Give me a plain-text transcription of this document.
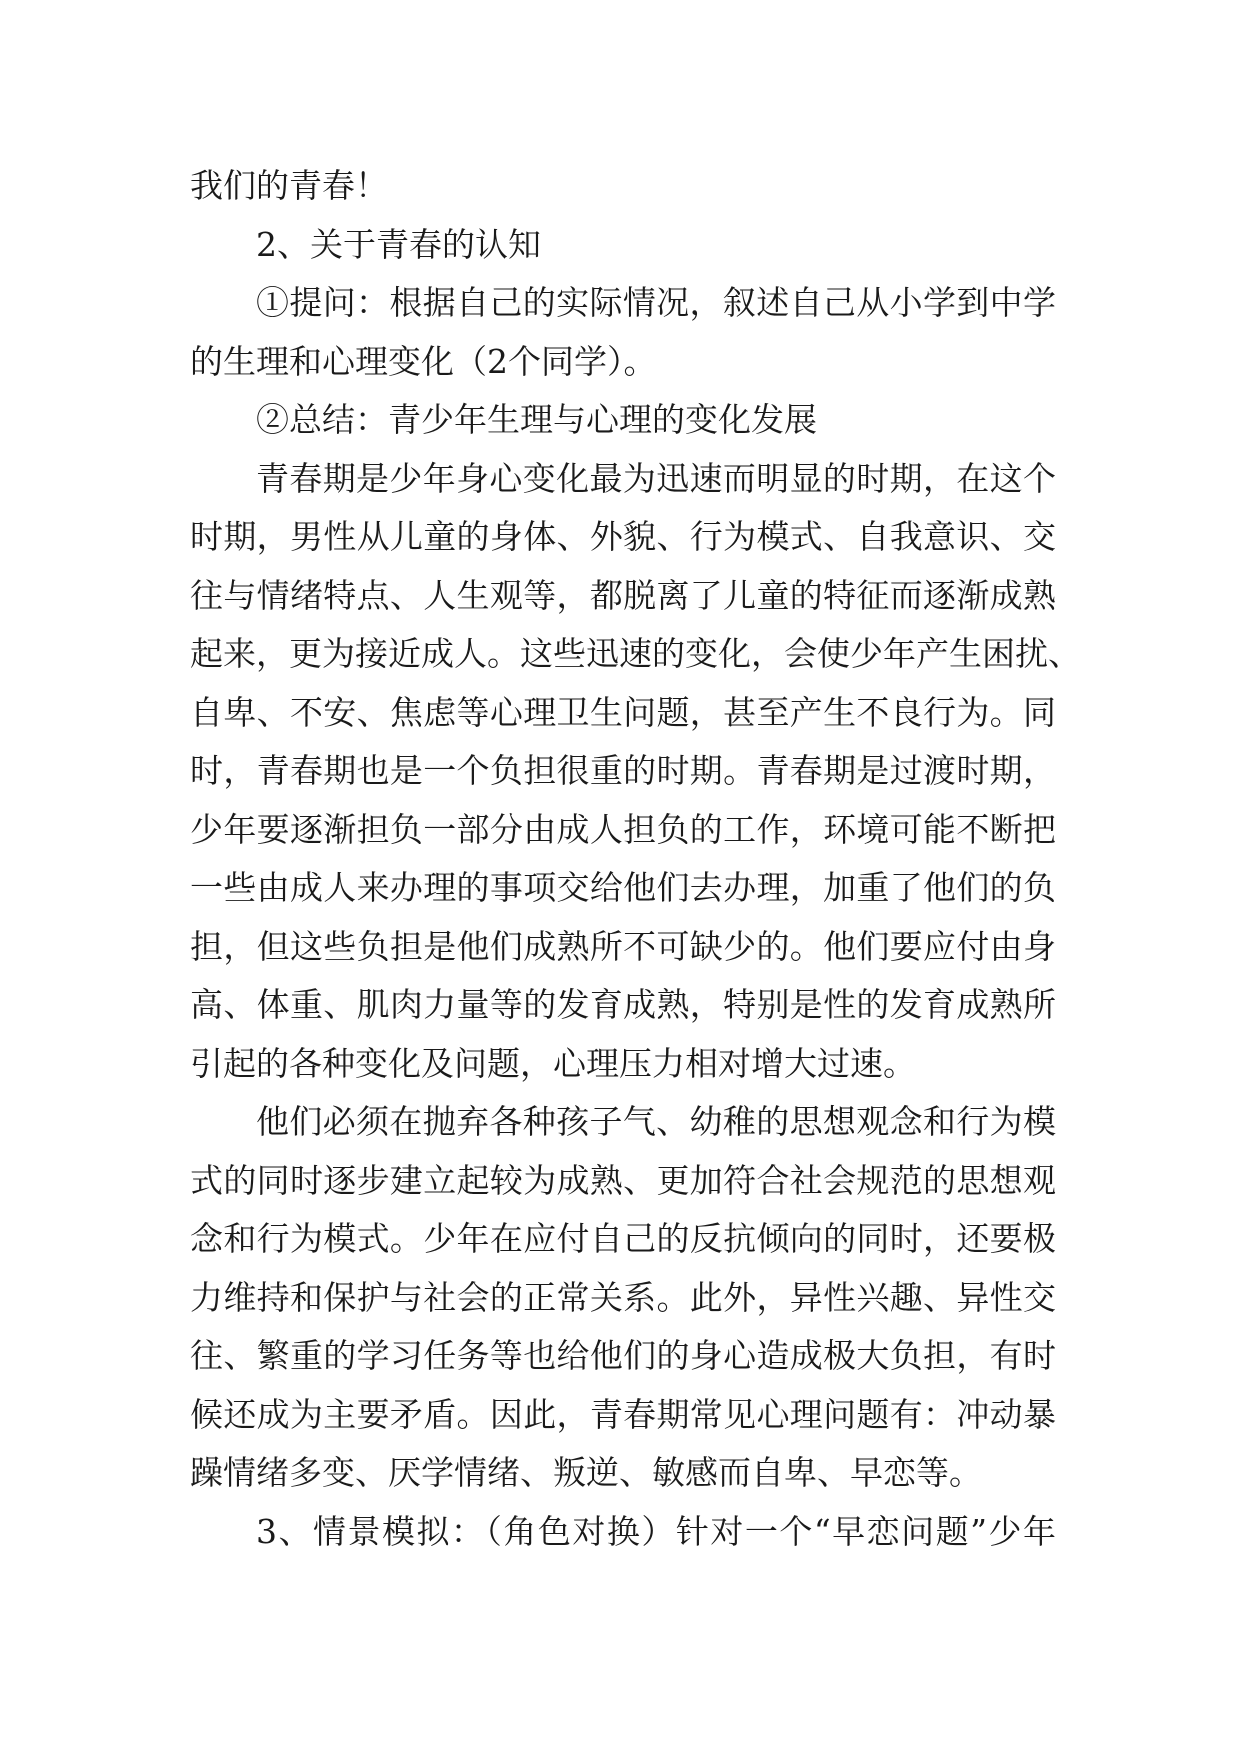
我们的青春！
2、关于青春的认知
①提问：根据自己的实际情况，叙述自己从小学到中学
的生理和心理变化（2个同学）。
②总结：青少年生理与心理的变化发展
青春期是少年身心变化最为迅速而明显的时期，在这个
时期，男性从儿童的身体、外貌、行为模式、自我意识、交
往与情绪特点、人生观等，都脱离了儿童的特征而逐渐成熟
起来，更为接近成人。这些迅速的变化，会使少年产生困扰、
自卑、不安、焦虑等心理卫生问题，甚至产生不良行为。同
时，青春期也是一个负担很重的时期。青春期是过渡时期，
少年要逐渐担负一部分由成人担负的工作，环境可能不断把
一些由成人来办理的事项交给他们去办理，加重了他们的负
担，但这些负担是他们成熟所不可缺少的。他们要应付由身
高、体重、肌肉力量等的发育成熟，特别是性的发育成熟所
引起的各种变化及问题，心理压力相对增大过速。
他们必须在抛弃各种孩子气、幼稚的思想观念和行为模
式的同时逐步建立起较为成熟、更加符合社会规范的思想观
念和行为模式。少年在应付自己的反抗倾向的同时，还要极
力维持和保护与社会的正常关系。此外，异性兴趣、异性交
往、繁重的学习任务等也给他们的身心造成极大负担，有时
候还成为主要矛盾。因此，青春期常见心理问题有：冲动暴
躁情绪多变、厌学情绪、叛逆、敏感而自卑、早恋等。
3、情景模拟：（角色对换）针对一个“早恋问题”少年
